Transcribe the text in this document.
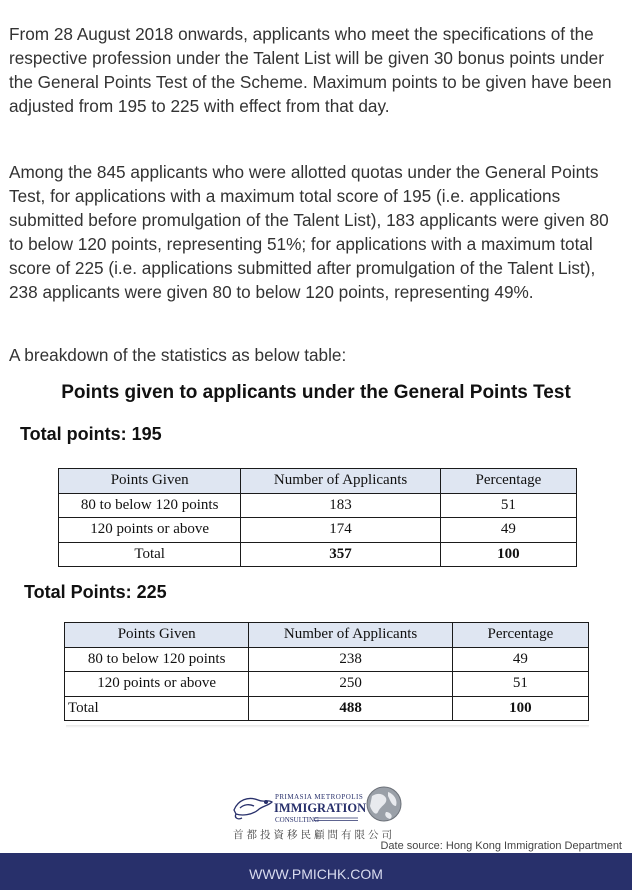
From 28 August 2018 onwards, applicants who meet the specifications of the respective profession under the Talent List will be given 30 bonus points under the General Points Test of the Scheme. Maximum points to be given have been adjusted from 195 to 225 with effect from that day.
Among the 845 applicants who were allotted quotas under the General Points Test, for applications with a maximum total score of 195 (i.e. applications submitted before promulgation of the Talent List), 183 applicants were given 80 to below 120 points, representing 51%; for applications with a maximum total score of 225 (i.e. applications submitted after promulgation of the Talent List), 238 applicants were given 80 to below 120 points, representing 49%.
A breakdown of the statistics as below table:
Points given to applicants under the General Points Test
Total points: 195
Points Given	Number of Applicants	Percentage
80 to below 120 points	183	51
120 points or above	174	49
Total	357	100
Total Points: 225
Points Given	Number of Applicants	Percentage
80 to below 120 points	238	49
120 points or above	250	51
Total	488	100
PRIMASIA METROPOLIS
IMMIGRATION
CONSULTING
首都投資移民顧問有限公司
Date source: Hong Kong Immigration Department
WWW.PMICHK.COM
